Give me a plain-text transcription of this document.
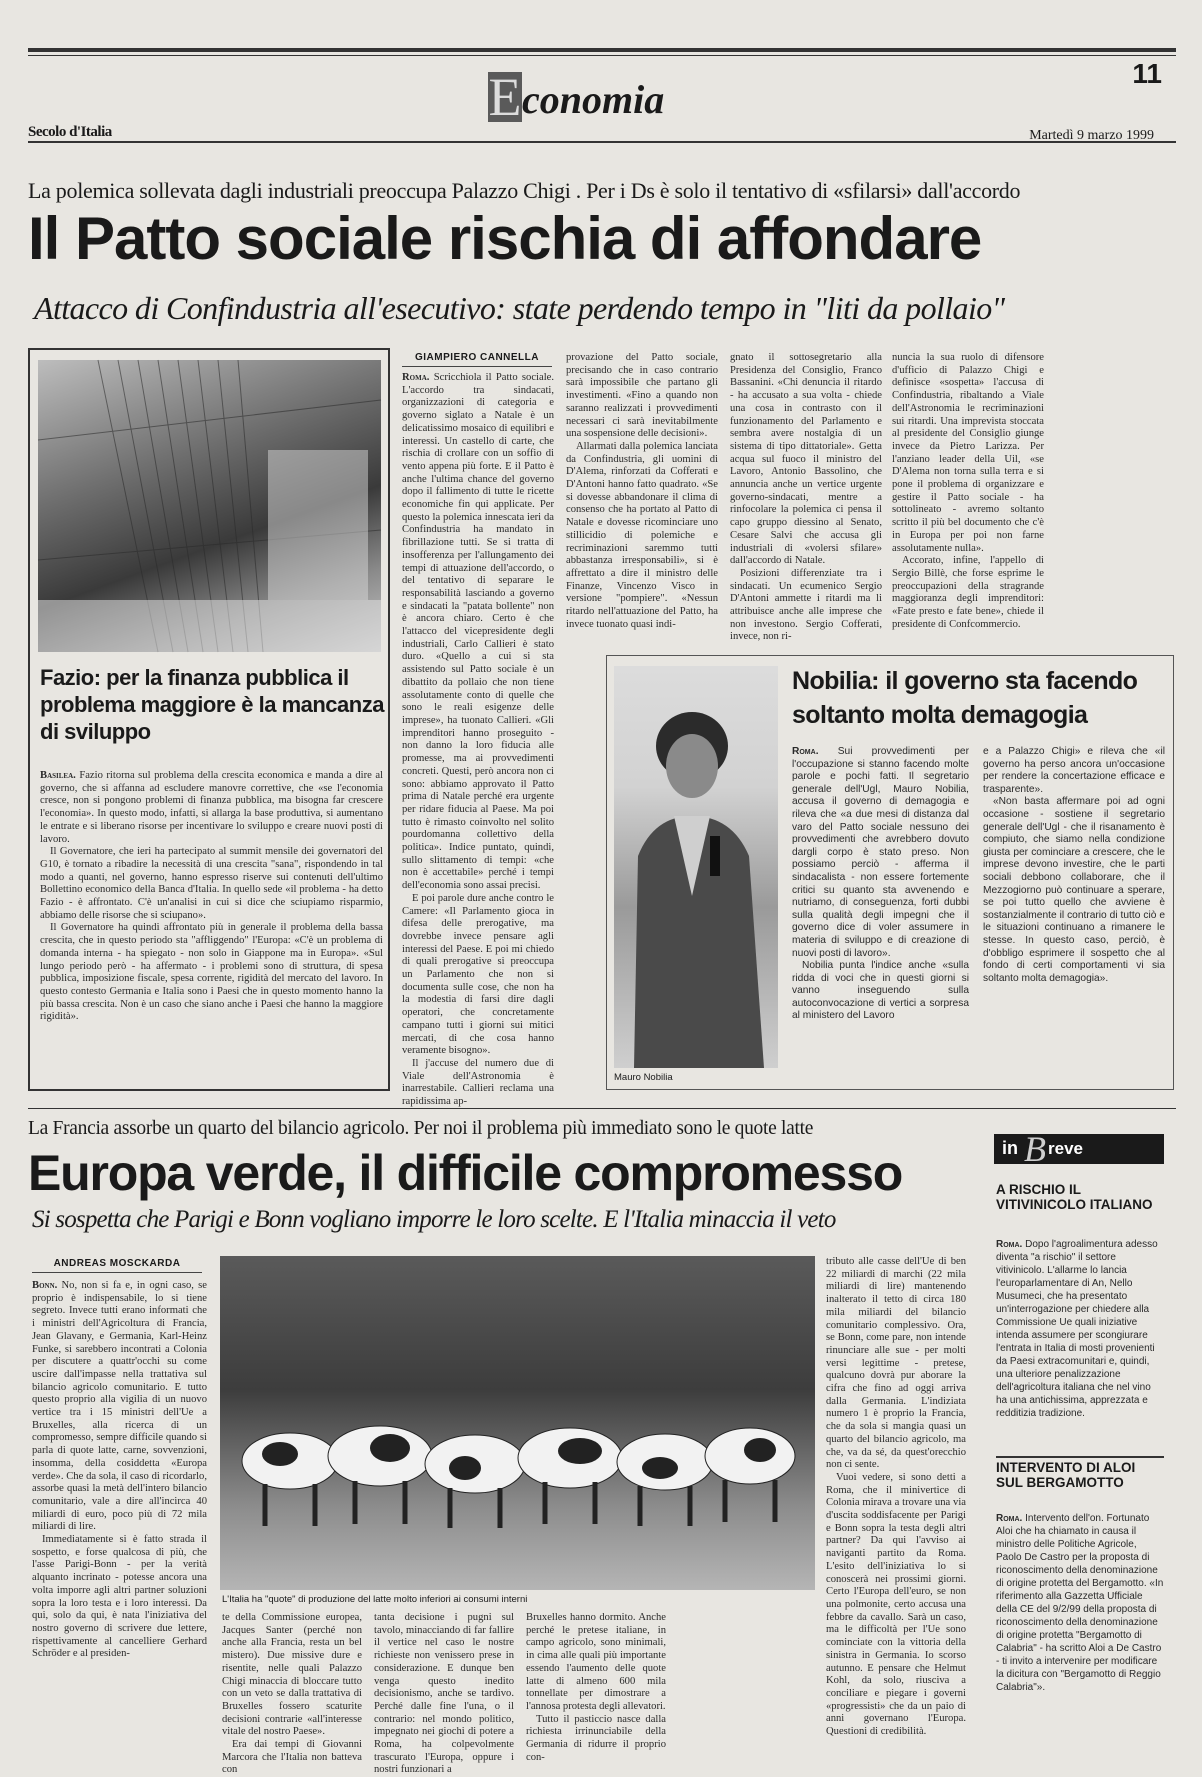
Economia
11
Secolo d'Italia	Martedì 9 marzo 1999
La polemica sollevata dagli industriali preoccupa Palazzo Chigi . Per i Ds è solo il tentativo di «sfilarsi» dall'accordo
Il Patto sociale rischia di affondare
Attacco di Confindustria all'esecutivo: state perdendo tempo in "liti da pollaio"
Fazio: per la finanza pubblica il problema maggiore è la mancanza di sviluppo

Basilea. Fazio ritorna sul problema della crescita economica e manda a dire al governo, che si affanna ad escludere manovre correttive, che «se l'economia cresce, non si pongono problemi di finanza pubblica, ma bisogna far crescere l'economia». In questo modo, infatti, si allarga la base produttiva, si aumentano le entrate e si liberano risorse per incentivare lo sviluppo e creare nuovi posti di lavoro.

Il Governatore, che ieri ha partecipato al summit mensile dei governatori del G10, è tornato a ribadire la necessità di una crescita "sana", rispondendo in tal modo a quanti, nel governo, hanno espresso riserve sui contenuti dell'ultimo Bollettino economico della Banca d'Italia. In quello sede «il problema - ha detto Fazio - è affrontato. C'è un'analisi in cui si dice che sciupiamo risparmio, abbiamo delle risorse che si sciupano».

Il Governatore ha quindi affrontato più in generale il problema della bassa crescita, che in questo periodo sta "affliggendo" l'Europa: «C'è un problema di domanda interna - ha spiegato - non solo in Giappone ma in Europa». «Sul lungo periodo però - ha affermato - i problemi sono di struttura, di spesa pubblica, imposizione fiscale, spesa corrente, rigidità del mercato del lavoro. In questo contesto Germania e Italia sono i Paesi che in questo momento hanno la più bassa crescita. Non è un caso che siano anche i Paesi che hanno la maggiore rigidità».

GIAMPIERO CANNELLA

Roma. Scricchiola il Patto sociale. L'accordo tra sindacati, organizzazioni di categoria e governo siglato a Natale è un delicatissimo mosaico di equilibri e interessi. Un castello di carte, che rischia di crollare con un soffio di vento appena più forte. E il Patto è anche l'ultima chance del governo dopo il fallimento di tutte le ricette economiche fin qui applicate. Per questo la polemica innescata ieri da Confindustria ha mandato in fibrillazione tutti. Se si tratta di insofferenza per l'allungamento dei tempi di attuazione dell'accordo, o del tentativo di separare le responsabilità lasciando a governo e sindacati la "patata bollente" non è ancora chiaro. Certo è che l'attacco del vicepresidente degli industriali, Carlo Callieri è stato duro. «Quello a cui si sta assistendo sul Patto sociale è un dibattito da pollaio che non tiene assolutamente conto di quelle che sono le reali esigenze delle imprese», ha tuonato Callieri. «Gli imprenditori hanno proseguito - non danno la loro fiducia alle promesse, ma ai provvedimenti concreti. Questi, però ancora non ci sono: abbiamo approvato il Patto prima di Natale perché era urgente per ridare fiducia al Paese. Ma poi tutto è rimasto coinvolto nel solito pourdomanna collettivo della politica». Indice puntato, quindi, sullo slittamento di tempi: «che non è accettabile» perché i tempi dell'economia sono assai precisi.

E poi parole dure anche contro le Camere: «Il Parlamento gioca in difesa delle prerogative, ma dovrebbe invece pensare agli interessi del Paese. E poi mi chiedo di quali prerogative si preoccupa un Parlamento che non si documenta sulle cose, che non ha la modestia di farsi dire dagli operatori, che concretamente campano tutti i giorni sui mitici mercati, di che cosa hanno veramente bisogno».

Il j'accuse del numero due di Viale dell'Astronomia è inarrestabile. Callieri reclama una rapidissima ap-

provazione del Patto sociale, precisando che in caso contrario sarà impossibile che partano gli investimenti. «Fino a quando non saranno realizzati i provvedimenti necessari ci sarà inevitabilmente una sospensione delle decisioni».

Allarmati dalla polemica lanciata da Confindustria, gli uomini di D'Alema, rinforzati da Cofferati e D'Antoni hanno fatto quadrato. «Se si dovesse abbandonare il clima di consenso che ha portato al Patto di Natale e dovesse ricominciare uno stillicidio di polemiche e recriminazioni saremmo tutti abbastanza irresponsabili», si è affrettato a dire il ministro delle Finanze, Vincenzo Visco in versione "pompiere". «Nessun ritardo nell'attuazione del Patto, ha invece tuonato quasi indi-

gnato il sottosegretario alla Presidenza del Consiglio, Franco Bassanini. «Chi denuncia il ritardo - ha accusato a sua volta - chiede una cosa in contrasto con il funzionamento del Parlamento e sembra avere nostalgia di un sistema di tipo dittatoriale». Getta acqua sul fuoco il ministro del Lavoro, Antonio Bassolino, che annuncia anche un vertice urgente governo-sindacati, mentre a rinfocolare la polemica ci pensa il capo gruppo diessino al Senato, Cesare Salvi che accusa gli industriali di «volersi sfilare» dall'accordo di Natale.

Posizioni differenziate tra i sindacati. Un ecumenico Sergio D'Antoni ammette i ritardi ma li attribuisce anche alle imprese che non investono. Sergio Cofferati, invece, non ri-

nuncia la sua ruolo di difensore d'ufficio di Palazzo Chigi e definisce «sospetta» l'accusa di Confindustria, ribaltando a Viale dell'Astronomia le recriminazioni sui ritardi. Una imprevista stoccata al presidente del Consiglio giunge invece da Pietro Larizza. Per l'anziano leader della Uil, «se D'Alema non torna sulla terra e si pone il problema di organizzare e gestire il Patto sociale - ha sottolineato - avremo soltanto scritto il più bel documento che c'è in Europa per poi non farne assolutamente nulla».

Accorato, infine, l'appello di Sergio Billè, che forse esprime le preoccupazioni della stragrande maggioranza degli imprenditori: «Fate presto e fate bene», chiede il presidente di Confcommercio.

Mauro Nobilia
Nobilia: il governo sta facendo soltanto molta demagogia

Roma. Sui provvedimenti per l'occupazione si stanno facendo molte parole e pochi fatti. Il segretario generale dell'Ugl, Mauro Nobilia, accusa il governo di demagogia e rileva che «a due mesi di distanza dal varo del Patto sociale nessuno dei provvedimenti che avrebbero dovuto dargli corpo è stato preso. Non possiamo perciò - afferma il sindacalista - non essere fortemente critici su quanto sta avvenendo e nutriamo, di conseguenza, forti dubbi sulla qualità degli impegni che il governo dice di voler assumere in materia di sviluppo e di creazione di nuovi posti di lavoro».

Nobilia punta l'indice anche «sulla ridda di voci che in questi giorni si vanno inseguendo sulla autoconvocazione di vertici a sorpresa al ministero del Lavoro

e a Palazzo Chigi» e rileva che «il governo ha perso ancora un'occasione per rendere la concertazione efficace e trasparente».

«Non basta affermare poi ad ogni occasione - sostiene il segretario generale dell'Ugl - che il risanamento è compiuto, che siamo nella condizione giusta per cominciare a crescere, che le imprese devono investire, che le parti sociali debbono collaborare, che il Mezzogiorno può continuare a sperare, se poi tutto quello che avviene è sostanzialmente il contrario di tutto ciò e le situazioni continuano a rimanere le stesse. In questo caso, perciò, è d'obbligo esprimere il sospetto che al fondo di certi comportamenti vi sia soltanto molta demagogia».

La Francia assorbe un quarto del bilancio agricolo. Per noi il problema più immediato sono le quote latte
Europa verde, il difficile compromesso
Si sospetta che Parigi e Bonn vogliano imporre le loro scelte. E l'Italia minaccia il veto
ANDREAS MOSCKARDA

Bonn. No, non si fa e, in ogni caso, se proprio è indispensabile, lo si tiene segreto. Invece tutti erano informati che i ministri dell'Agricoltura di Francia, Jean Glavany, e Germania, Karl-Heinz Funke, si sarebbero incontrati a Colonia per discutere a quattr'occhi su come uscire dall'impasse nella trattativa sul bilancio agricolo comunitario. E tutto questo proprio alla vigilia di un nuovo vertice tra i 15 ministri dell'Ue a Bruxelles, alla ricerca di un compromesso, sempre difficile quando si parla di quote latte, carne, sovvenzioni, insomma, della cosiddetta «Europa verde». Che da sola, il caso di ricordarlo, assorbe quasi la metà dell'intero bilancio comunitario, vale a dire all'incirca 40 miliardi di euro, poco più di 72 mila miliardi di lire.

Immediatamente si è fatto strada il sospetto, e forse qualcosa di più, che l'asse Parigi-Bonn - per la verità alquanto incrinato - potesse ancora una volta imporre agli altri partner soluzioni sopra la loro testa e i loro interessi. Da qui, solo da qui, è nata l'iniziativa del nostro governo di scrivere due lettere, rispettivamente al cancelliere Gerhard Schröder e al presiden-

L'Italia ha "quote" di produzione del latte molto inferiori ai consumi interni

te della Commissione europea, Jacques Santer (perché non anche alla Francia, resta un bel mistero). Due missive dure e risentite, nelle quali Palazzo Chigi minaccia di bloccare tutto con un veto se dalla trattativa di Bruxelles fossero scaturite decisioni contrarie «all'interesse vitale del nostro Paese».

Era dai tempi di Giovanni Marcora che l'Italia non batteva con

tanta decisione i pugni sul tavolo, minacciando di far fallire il vertice nel caso le nostre richieste non venissero prese in considerazione. E dunque ben venga questo inedito decisionismo, anche se tardivo. Perché dalle fine l'una, o il contrario: nel mondo politico, impegnato nei giochi di potere a Roma, ha colpevolmente trascurato l'Europa, oppure i nostri funzionari a

Bruxelles hanno dormito. Anche perché le pretese italiane, in campo agricolo, sono minimali, in cima alle quali più importante essendo l'aumento delle quote latte di almeno 600 mila tonnellate per dimostrare a l'annosa protesta degli allevatori.

Tutto il pasticcio nasce dalla richiesta irrinunciabile della Germania di ridurre il proprio con-

tributo alle casse dell'Ue di ben 22 miliardi di marchi (22 mila miliardi di lire) mantenendo inalterato il tetto di circa 180 mila miliardi del bilancio comunitario complessivo. Ora, se Bonn, come pare, non intende rinunciare alle sue - per molti versi legittime - pretese, qualcuno dovrà pur aborare la cifra che fino ad oggi arriva dalla Germania. L'indiziata numero 1 è proprio la Francia, che da sola si mangia quasi un quarto del bilancio agricolo, ma che, va da sé, da quest'orecchio non ci sente.

Vuoi vedere, si sono detti a Roma, che il minivertice di Colonia mirava a trovare una via d'uscita soddisfacente per Parigi e Bonn sopra la testa degli altri partner? Da qui l'avviso ai naviganti partito da Roma. L'esito dell'iniziativa lo si conoscerà nei prossimi giorni. Certo l'Europa dell'euro, se non una polmonite, certo accusa una febbre da cavallo. Sarà un caso, ma le difficoltà per l'Ue sono cominciate con la vittoria della sinistra in Germania. Io scorso autunno. E pensare che Helmut Kohl, da solo, riusciva a conciliare e piegare i governi «progressisti» che da un paio di anni governano l'Europa. Questioni di credibilità.

in B reve
A RISCHIO IL VITIVINICOLO ITALIANO

Roma. Dopo l'agroalimentura adesso diventa "a rischio" il settore vitivinicolo. L'allarme lo lancia l'europarlamentare di An, Nello Musumeci, che ha presentato un'interrogazione per chiedere alla Commissione Ue quali iniziative intenda assumere per scongiurare l'entrata in Italia di mosti provenienti da Paesi extracomunitari e, quindi, una ulteriore penalizzazione dell'agricoltura italiana che nel vino ha una antichissima, apprezzata e redditizia tradizione.

INTERVENTO DI ALOI SUL BERGAMOTTO

Roma. Intervento dell'on. Fortunato Aloi che ha chiamato in causa il ministro delle Politiche Agricole, Paolo De Castro per la proposta di riconoscimento della denominazione di origine protetta del Bergamotto. «In riferimento alla Gazzetta Ufficiale della CE del 9/2/99 della proposta di riconoscimento della denominazione di origine protetta "Bergamotto di Calabria" - ha scritto Aloi a De Castro - ti invito a intervenire per modificare la dicitura con "Bergamotto di Reggio Calabria"».
